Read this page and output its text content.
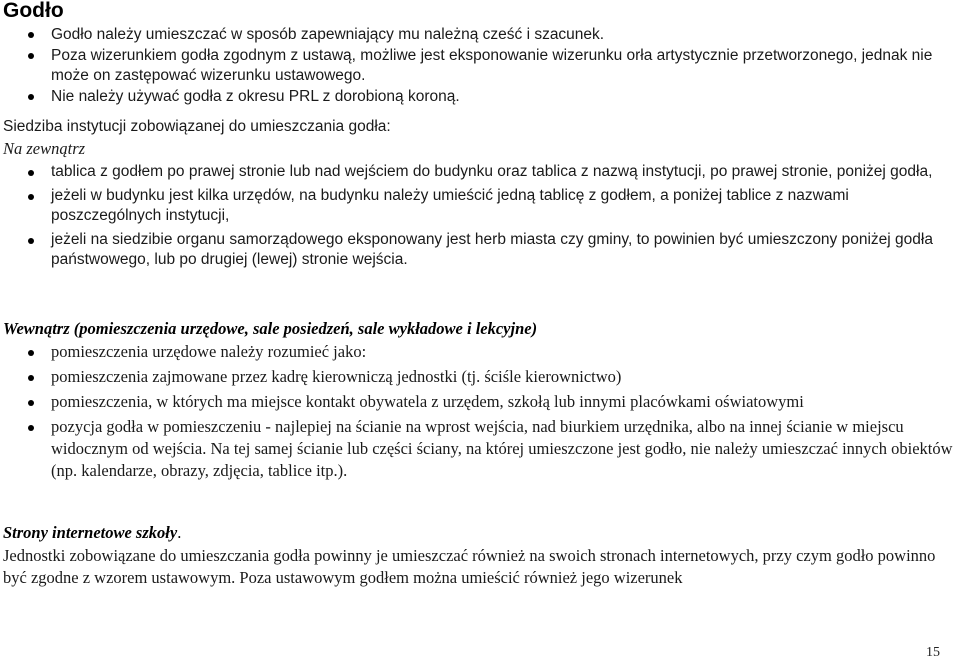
Godło
Godło należy umieszczać w sposób zapewniający mu należną cześć i szacunek.
Poza wizerunkiem godła zgodnym z ustawą, możliwe jest eksponowanie wizerunku orła artystycznie przetworzonego, jednak nie może on zastępować wizerunku ustawowego.
Nie należy używać godła z okresu PRL z dorobioną koroną.
Siedziba instytucji zobowiązanej do umieszczania godła:
Na zewnątrz
tablica z godłem po prawej stronie lub nad wejściem do budynku oraz tablica z nazwą instytucji, po prawej stronie, poniżej godła,
jeżeli w budynku jest kilka urzędów, na budynku należy umieścić jedną tablicę z godłem, a poniżej tablice z nazwami poszczególnych instytucji,
jeżeli na siedzibie organu samorządowego eksponowany jest herb miasta czy gminy, to powinien być umieszczony poniżej godła państwowego, lub po drugiej (lewej) stronie wejścia.
Wewnątrz (pomieszczenia urzędowe, sale posiedzeń, sale wykładowe i lekcyjne)
pomieszczenia urzędowe należy rozumieć jako:
pomieszczenia zajmowane przez kadrę kierowniczą jednostki (tj. ściśle kierownictwo)
pomieszczenia, w których ma miejsce kontakt obywatela z urzędem, szkołą lub innymi placówkami oświatowymi
pozycja godła w pomieszczeniu - najlepiej na ścianie na wprost wejścia, nad biurkiem urzędnika, albo na innej ścianie w miejscu widocznym od wejścia. Na tej samej ścianie lub części ściany, na której umieszczone jest godło, nie należy umieszczać innych obiektów (np. kalendarze, obrazy, zdjęcia, tablice itp.).
Strony internetowe szkoły.
Jednostki zobowiązane do umieszczania godła powinny je umieszczać również na swoich stronach internetowych, przy czym godło powinno być zgodne z wzorem ustawowym. Poza ustawowym godłem można umieścić również jego wizerunek
15
